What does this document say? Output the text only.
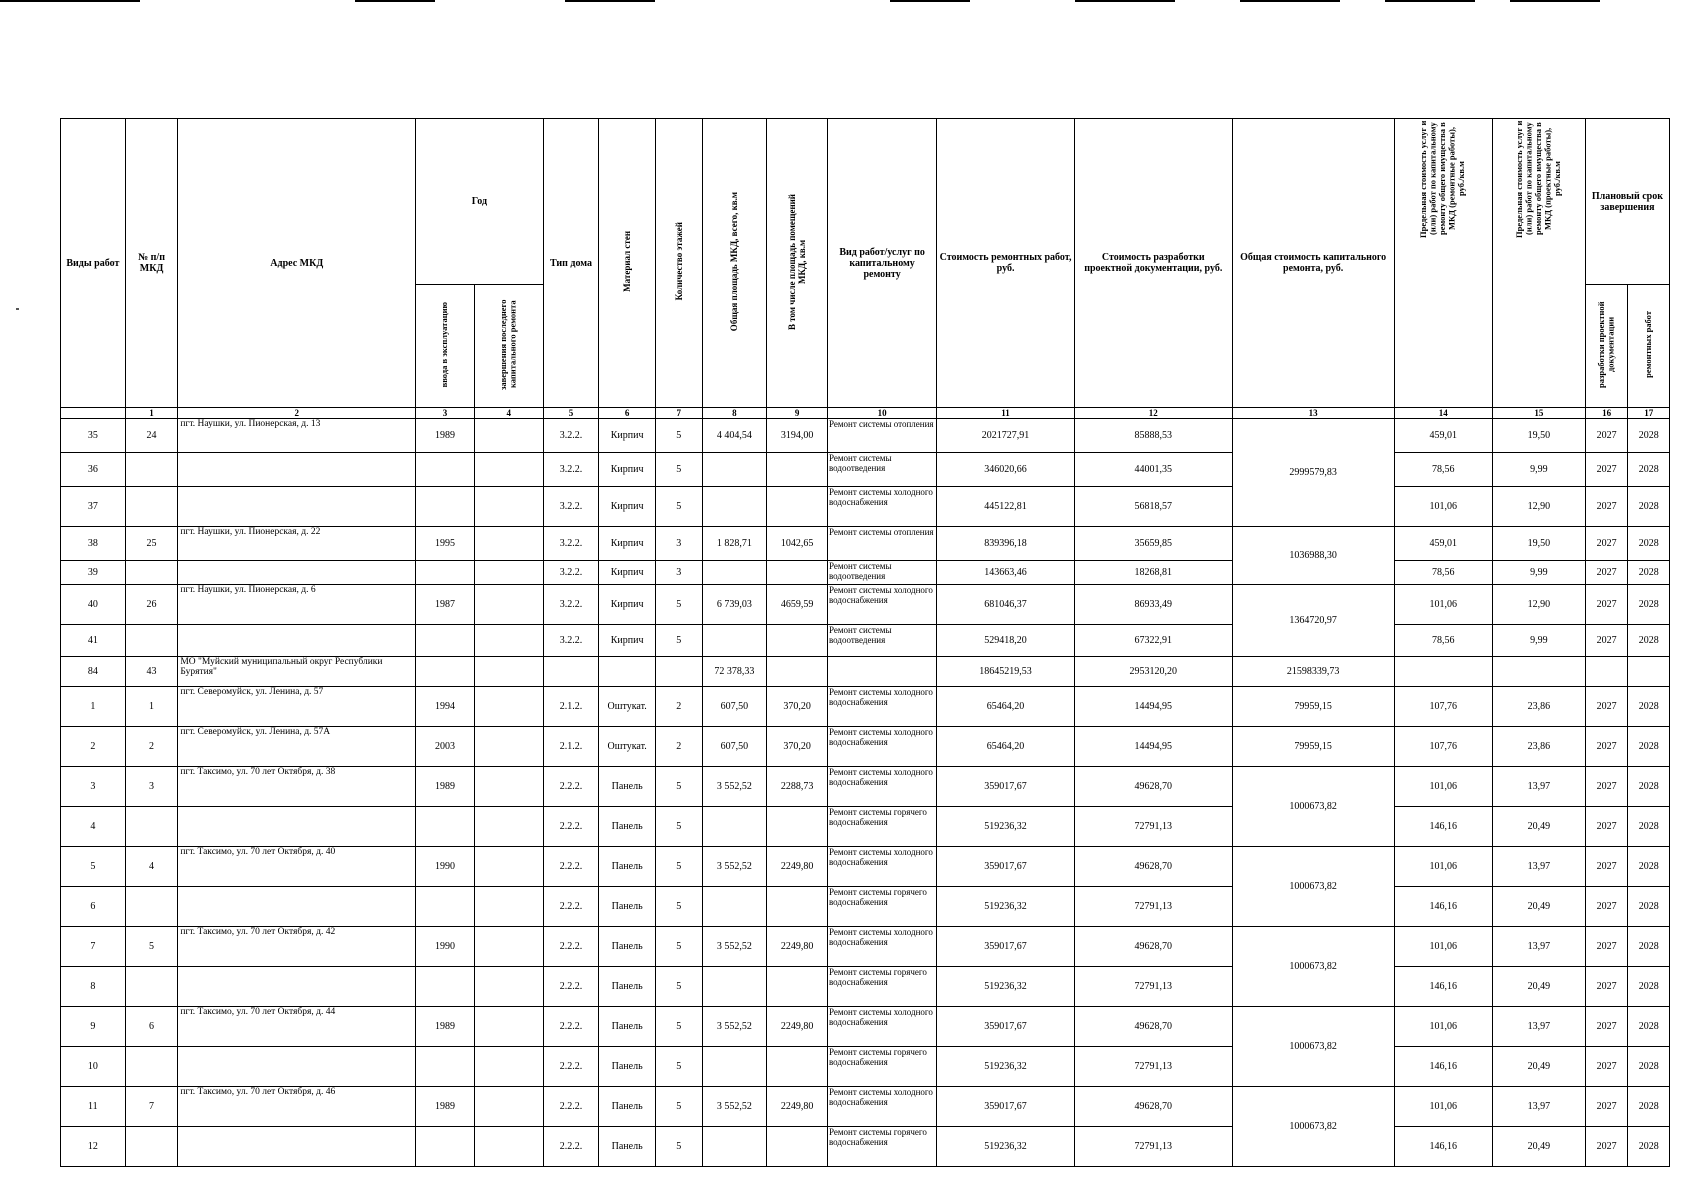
Виды работ	№ п/п МКД	Адрес МКД	Год		Тип дома	Материал стен	Количество этажей	Общая площадь МКД, всего, кв.м	В том числе площадь помещений МКД, кв.м	Вид работ/услуг по капитальному ремонту	Стоимость ремонтных работ, руб.	Стоимость разработки проектной документации, руб.	Общая стоимость капитального ремонта, руб.	Предельная стоимость услуг и (или) работ по капитальному ремонту общего имущества в МКД (ремонтные работы), руб./кв.м	Предельная стоимость услуг и (или) работ по капитальному ремонту общего имущества в МКД (проектные работы), руб./кв.м	Плановый срок завершения	
			ввода в эксплуатацию	завершения последнего капитального ремонта												разработки проектной документации	ремонтных работ
	1	2	3	4	5	6	7	8	9	10	11	12	13	14	15	16	17
35	24	пгт. Наушки, ул. Пионерская, д. 13	1989		3.2.2.	Кирпич	5	4 404,54	3194,00	Ремонт системы отопления	2021727,91	85888,53	2999579,83	459,01	19,50	2027	2028
36					3.2.2.	Кирпич	5			Ремонт системы водоотведения	346020,66	44001,35		78,56	9,99	2027	2028
37					3.2.2.	Кирпич	5			Ремонт системы холодного водоснабжения	445122,81	56818,57		101,06	12,90	2027	2028
38	25	пгт. Наушки, ул. Пионерская, д. 22	1995		3.2.2.	Кирпич	3	1 828,71	1042,65	Ремонт системы отопления	839396,18	35659,85	1036988,30	459,01	19,50	2027	2028
39					3.2.2.	Кирпич	3			Ремонт системы водоотведения	143663,46	18268,81		78,56	9,99	2027	2028
40	26	пгт. Наушки, ул. Пионерская, д. 6	1987		3.2.2.	Кирпич	5	6 739,03	4659,59	Ремонт системы холодного водоснабжения	681046,37	86933,49	1364720,97	101,06	12,90	2027	2028
41					3.2.2.	Кирпич	5			Ремонт системы водоотведения	529418,20	67322,91		78,56	9,99	2027	2028
84	43	МО "Муйский муниципальный округ Республики Бурятия"						72 378,33			18645219,53	2953120,20	21598339,73				
1	1	пгт. Северомуйск, ул. Ленина, д. 57	1994		2.1.2.	Оштукат.	2	607,50	370,20	Ремонт системы холодного водоснабжения	65464,20	14494,95	79959,15	107,76	23,86	2027	2028
2	2	пгт. Северомуйск, ул. Ленина, д. 57А	2003		2.1.2.	Оштукат.	2	607,50	370,20	Ремонт системы холодного водоснабжения	65464,20	14494,95	79959,15	107,76	23,86	2027	2028
3	3	пгт. Таксимо, ул. 70 лет Октября, д. 38	1989		2.2.2.	Панель	5	3 552,52	2288,73	Ремонт системы холодного водоснабжения	359017,67	49628,70	1000673,82	101,06	13,97	2027	2028
4					2.2.2.	Панель	5			Ремонт системы горячего водоснабжения	519236,32	72791,13		146,16	20,49	2027	2028
5	4	пгт. Таксимо, ул. 70 лет Октября, д. 40	1990		2.2.2.	Панель	5	3 552,52	2249,80	Ремонт системы холодного водоснабжения	359017,67	49628,70	1000673,82	101,06	13,97	2027	2028
6					2.2.2.	Панель	5			Ремонт системы горячего водоснабжения	519236,32	72791,13		146,16	20,49	2027	2028
7	5	пгт. Таксимо, ул. 70 лет Октября, д. 42	1990		2.2.2.	Панель	5	3 552,52	2249,80	Ремонт системы холодного водоснабжения	359017,67	49628,70	1000673,82	101,06	13,97	2027	2028
8					2.2.2.	Панель	5			Ремонт системы горячего водоснабжения	519236,32	72791,13		146,16	20,49	2027	2028
9	6	пгт. Таксимо, ул. 70 лет Октября, д. 44	1989		2.2.2.	Панель	5	3 552,52	2249,80	Ремонт системы холодного водоснабжения	359017,67	49628,70	1000673,82	101,06	13,97	2027	2028
10					2.2.2.	Панель	5			Ремонт системы горячего водоснабжения	519236,32	72791,13		146,16	20,49	2027	2028
11	7	пгт. Таксимо, ул. 70 лет Октября, д. 46	1989		2.2.2.	Панель	5	3 552,52	2249,80	Ремонт системы холодного водоснабжения	359017,67	49628,70	1000673,82	101,06	13,97	2027	2028
12					2.2.2.	Панель	5			Ремонт системы горячего водоснабжения	519236,32	72791,13		146,16	20,49	2027	2028
